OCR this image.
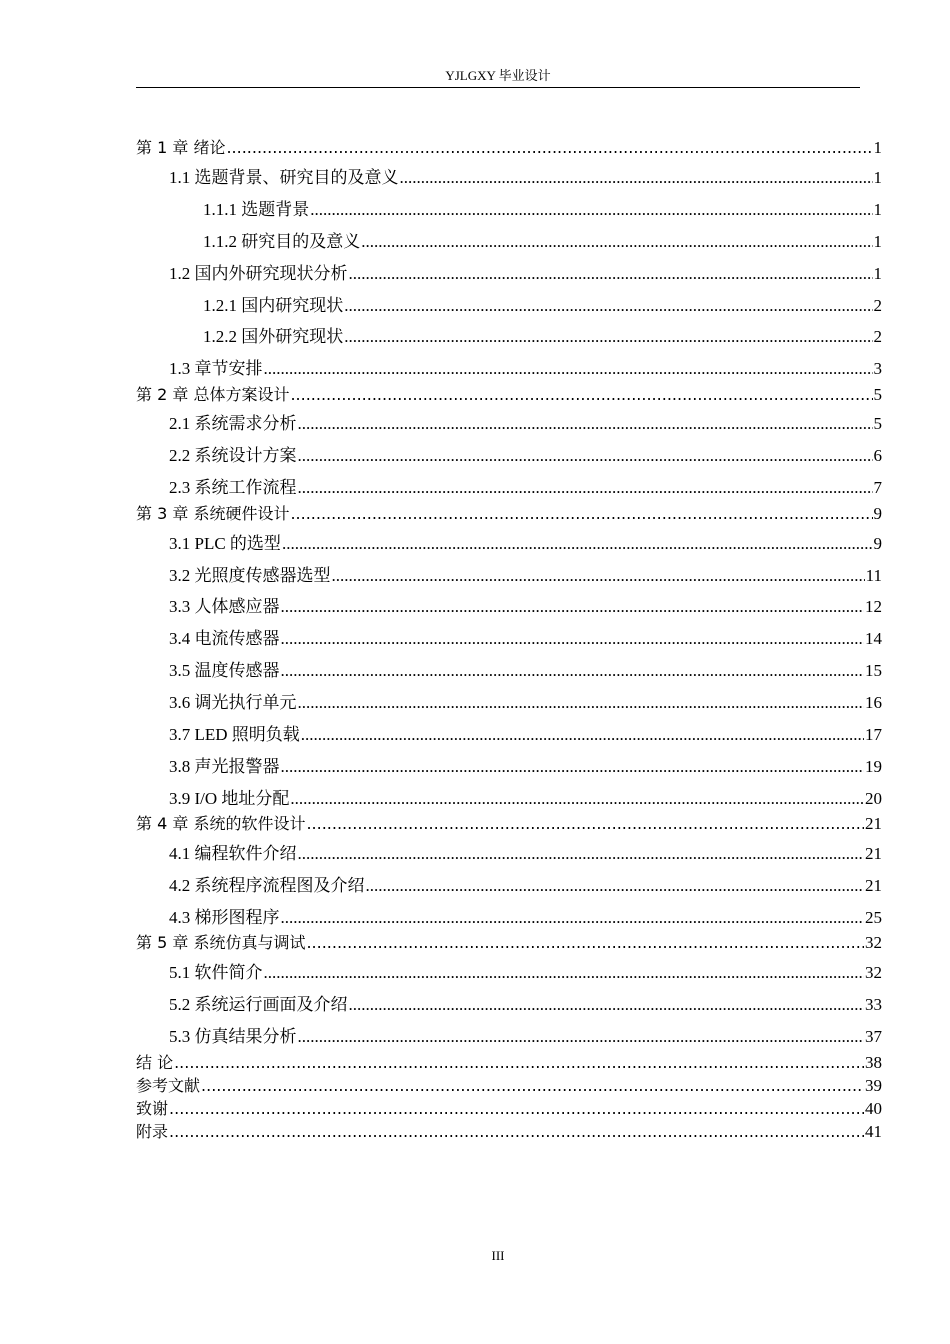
YJLGXY 毕业设计
第 1 章 绪论 .....	1
1.1 选题背景、研究目的及意义 .....	1
1.1.1 选题背景 .....	1
1.1.2 研究目的及意义 .....	1
1.2 国内外研究现状分析 .....	1
1.2.1 国内研究现状 .....	2
1.2.2 国外研究现状 .....	2
1.3 章节安排 .....	3
第 2 章 总体方案设计 .....	5
2.1 系统需求分析 .....	5
2.2 系统设计方案 .....	6
2.3 系统工作流程 .....	7
第 3 章 系统硬件设计 .....	9
3.1 PLC 的选型 .....	9
3.2 光照度传感器选型 .....	11
3.3 人体感应器 .....	12
3.4 电流传感器 .....	14
3.5 温度传感器 .....	15
3.6 调光执行单元 .....	16
3.7 LED 照明负载 .....	17
3.8 声光报警器 .....	19
3.9 I/O 地址分配 .....	20
第 4 章 系统的软件设计 .....	21
4.1 编程软件介绍 .....	21
4.2 系统程序流程图及介绍 .....	21
4.3 梯形图程序 .....	25
第 5 章 系统仿真与调试 .....	32
5.1 软件简介 .....	32
5.2 系统运行画面及介绍 .....	33
5.3 仿真结果分析 .....	37
结 论 .....	38
参考文献 .....	39
致谢 .....	40
附录 .....	41
III
